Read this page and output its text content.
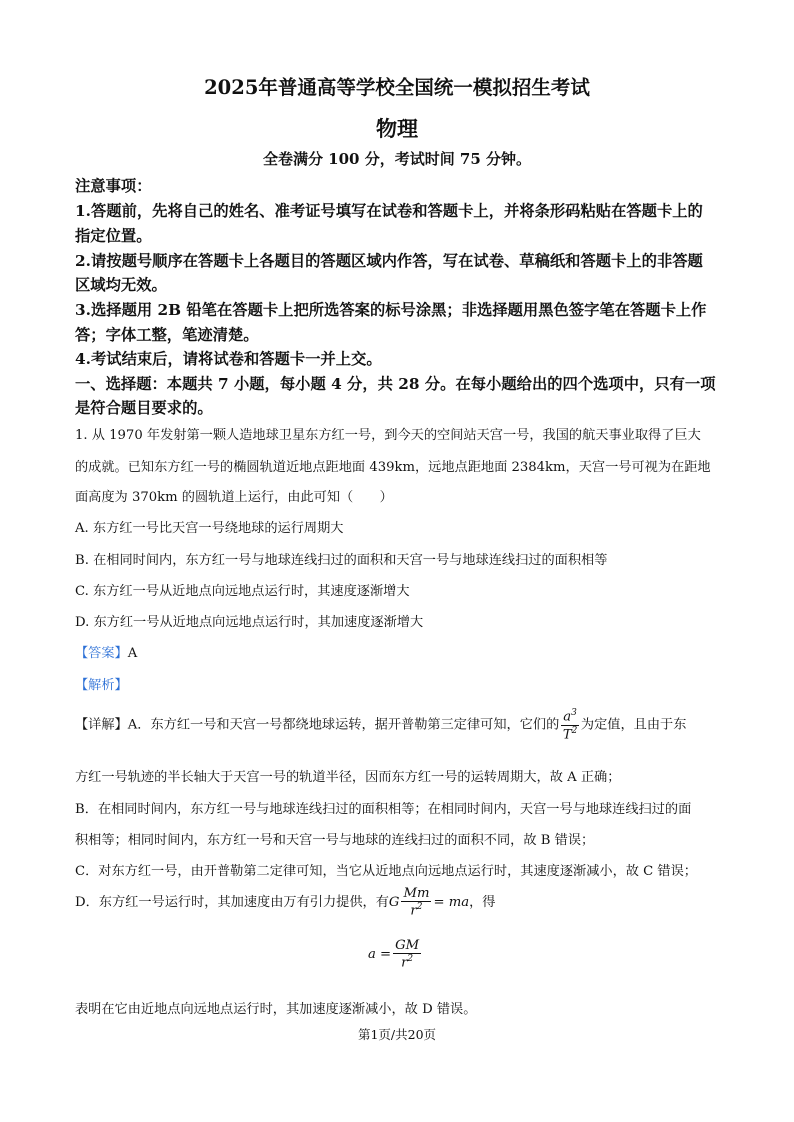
2025年普通高等学校全国统一模拟招生考试
物理
全卷满分 100 分，考试时间 75 分钟。
注意事项：
1.答题前，先将自己的姓名、准考证号填写在试卷和答题卡上，并将条形码粘贴在答题卡上的
指定位置。
2.请按题号顺序在答题卡上各题目的答题区域内作答，写在试卷、草稿纸和答题卡上的非答题
区域均无效。
3.选择题用 2B 铅笔在答题卡上把所选答案的标号涂黑；非选择题用黑色签字笔在答题卡上作
答；字体工整，笔迹清楚。
4.考试结束后，请将试卷和答题卡一并上交。
一、选择题：本题共 7 小题，每小题 4 分，共 28 分。在每小题给出的四个选项中，只有一项
是符合题目要求的。
1. 从 1970 年发射第一颗人造地球卫星东方红一号，到今天的空间站天宫一号，我国的航天事业取得了巨大
的成就。已知东方红一号的椭圆轨道近地点距地面 439km，远地点距地面 2384km，天宫一号可视为在距地
面高度为 370km 的圆轨道上运行，由此可知（　　）
A. 东方红一号比天宫一号绕地球的运行周期大
B. 在相同时间内，东方红一号与地球连线扫过的面积和天宫一号与地球连线扫过的面积相等
C. 东方红一号从近地点向远地点运行时，其速度逐渐增大
D. 东方红一号从近地点向远地点运行时，其加速度逐渐增大
【答案】A
【解析】
【详解】A．东方红一号和天宫一号都绕地球运转，据开普勒第三定律可知，它们的 $\frac{a^3}{T^2}$ 为定值，且由于东
方红一号轨迹的半长轴大于天宫一号的轨道半径，因而东方红一号的运转周期大，故 A 正确；
B．在相同时间内，东方红一号与地球连线扫过的面积相等；在相同时间内，天宫一号与地球连线扫过的面
积相等；相同时间内，东方红一号和天宫一号与地球的连线扫过的面积不同，故 B 错误；
C．对东方红一号，由开普勒第二定律可知，当它从近地点向远地点运行时，其速度逐渐减小，故 C 错误；
D．东方红一号运行时，其加速度由万有引力提供，有G $\frac{Mm}{r^2}$ = ma，得
$a = \frac{GM}{r^2}$
表明在它由近地点向远地点运行时，其加速度逐渐减小，故 D 错误。
第1页/共20页
